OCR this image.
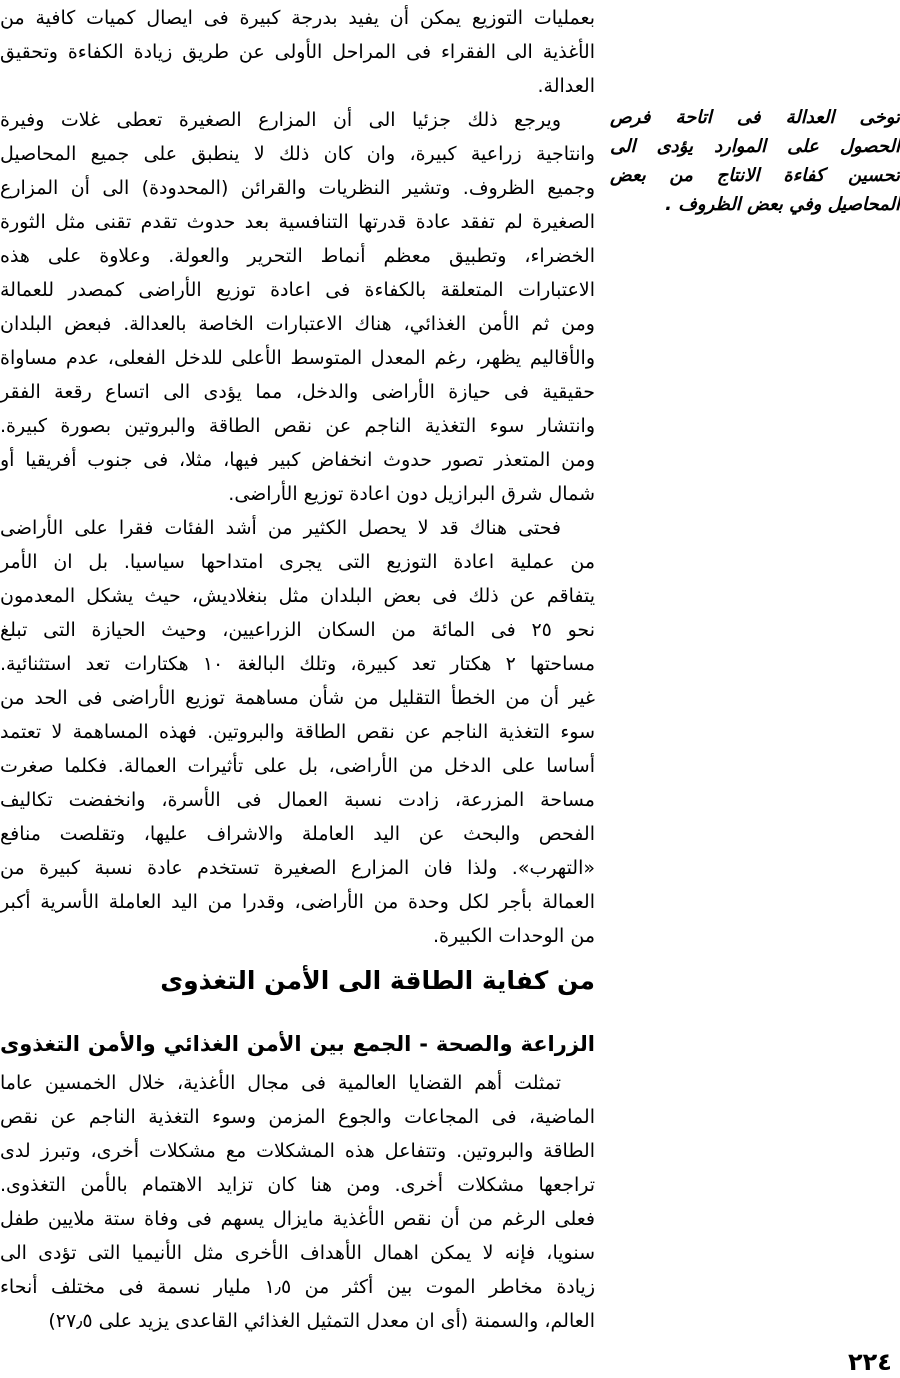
بعمليات التوزيع يمكن أن يفيد بدرجة كبيرة فى ايصال كميات كافية من
الأغذية الى الفقراء فى المراحل الأولى عن طريق زيادة الكفاءة وتحقيق
العدالة.
ويرجع ذلك جزئيا الى أن المزارع الصغيرة تعطى غلات وفيرة
وانتاجية زراعية كبيرة، وان كان ذلك لا ينطبق على جميع المحاصيل
وجميع الظروف. وتشير النظريات والقرائن (المحدودة) الى أن المزارع
الصغيرة لم تفقد عادة قدرتها التنافسية بعد حدوث تقدم تقنى مثل الثورة
الخضراء، وتطبيق معظم أنماط التحرير والعولة. وعلاوة على هذه
الاعتبارات المتعلقة بالكفاءة فى اعادة توزيع الأراضى كمصدر للعمالة
ومن ثم الأمن الغذائي، هناك الاعتبارات الخاصة بالعدالة. فبعض البلدان
والأقاليم يظهر، رغم المعدل المتوسط الأعلى للدخل الفعلى، عدم مساواة
حقيقية فى حيازة الأراضى والدخل، مما يؤدى الى اتساع رقعة الفقر
وانتشار سوء التغذية الناجم عن نقص الطاقة والبروتين بصورة كبيرة.
ومن المتعذر تصور حدوث انخفاض كبير فيها، مثلا، فى جنوب أفريقيا أو
شمال شرق البرازيل دون اعادة توزيع الأراضى.
فحتى هناك قد لا يحصل الكثير من أشد الفئات فقرا على الأراضى
من عملية اعادة التوزيع التى يجرى امتداحها سياسيا. بل ان الأمر
يتفاقم عن ذلك فى بعض البلدان مثل بنغلاديش، حيث يشكل المعدمون
نحو ٢٥ فى المائة من السكان الزراعيين، وحيث الحيازة التى تبلغ
مساحتها ٢ هكتار تعد كبيرة، وتلك البالغة ١٠ هكتارات تعد استثنائية.
غير أن من الخطأ التقليل من شأن مساهمة توزيع الأراضى فى الحد من
سوء التغذية الناجم عن نقص الطاقة والبروتين. فهذه المساهمة لا تعتمد
أساسا على الدخل من الأراضى، بل على تأثيرات العمالة. فكلما صغرت
مساحة المزرعة، زادت نسبة العمال فى الأسرة، وانخفضت تكاليف
الفحص والبحث عن اليد العاملة والاشراف عليها، وتقلصت منافع
«التهرب». ولذا فان المزارع الصغيرة تستخدم عادة نسبة كبيرة من
العمالة بأجر لكل وحدة من الأراضى، وقدرا من اليد العاملة الأسرية أكبر
من الوحدات الكبيرة.
من كفاية الطاقة الى الأمن التغذوى
الزراعة والصحة - الجمع بين الأمن الغذائي والأمن التغذوى
تمثلت أهم القضايا العالمية فى مجال الأغذية، خلال الخمسين عاما
الماضية، فى المجاعات والجوع المزمن وسوء التغذية الناجم عن نقص
الطاقة والبروتين. وتتفاعل هذه المشكلات مع مشكلات أخرى، وتبرز لدى
تراجعها مشكلات أخرى. ومن هنا كان تزايد الاهتمام بالأمن التغذوى.
فعلى الرغم من أن نقص الأغذية مايزال يسهم فى وفاة ستة ملايين طفل
سنويا، فإنه لا يمكن اهمال الأهداف الأخرى مثل الأنيميا التى تؤدى الى
زيادة مخاطر الموت بين أكثر من ١٫٥ مليار نسمة فى مختلف أنحاء
العالم، والسمنة (أى ان معدل التمثيل الغذائي القاعدى يزيد على ٢٧٫٥)
توخى العدالة فى اتاحة فرص
الحصول على الموارد يؤدى الى
تحسين كفاءة الانتاج من بعض
المحاصيل وفي بعض الظروف .
٢٢٤
